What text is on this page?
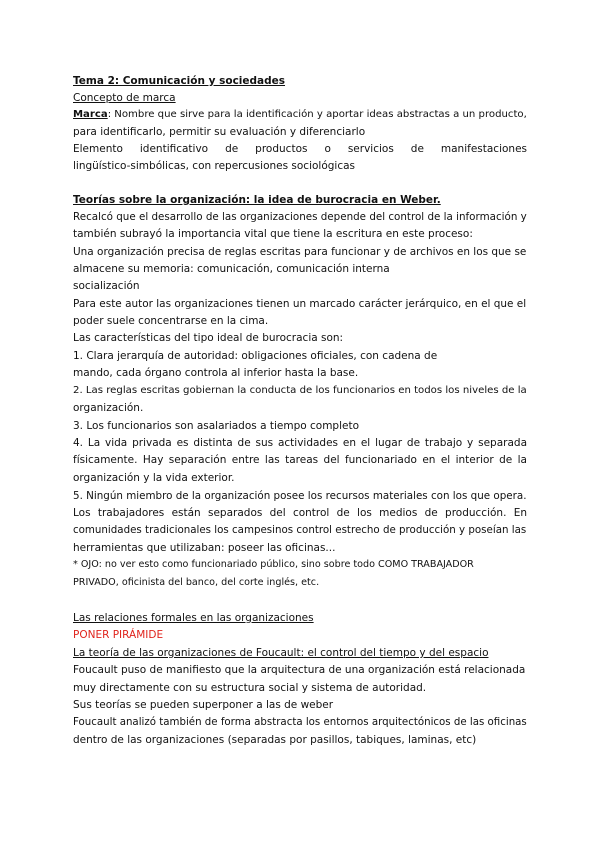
Tema 2: Comunicación y sociedades
Concepto de marca
Marca: Nombre que sirve para la identificación y aportar ideas abstractas a un producto,
para identificarlo, permitir su evaluación y diferenciarlo
Elemento identificativo de productos o servicios de manifestaciones
lingüístico-simbólicas, con repercusiones sociológicas
Teorías sobre la organización: la idea de burocracia en Weber.
Recalcó que el desarrollo de las organizaciones depende del control de la información y
también subrayó la importancia vital que tiene la escritura en este proceso:
Una organización precisa de reglas escritas para funcionar y de archivos en los que se
almacene su memoria: comunicación, comunicación interna
socialización
Para este autor las organizaciones tienen un marcado carácter jerárquico, en el que el
poder suele concentrarse en la cima.
Las características del tipo ideal de burocracia son:
1. Clara jerarquía de autoridad: obligaciones oficiales, con cadena de
mando, cada órgano controla al inferior hasta la base.
2. Las reglas escritas gobiernan la conducta de los funcionarios en todos los niveles de la
organización.
3. Los funcionarios son asalariados a tiempo completo
4. La vida privada es distinta de sus actividades en el lugar de trabajo y separada
físicamente. Hay separación entre las tareas del funcionariado en el interior de la
organización y la vida exterior.
5. Ningún miembro de la organización posee los recursos materiales con los que opera.
Los trabajadores están separados del control de los medios de producción. En
comunidades tradicionales los campesinos control estrecho de producción y poseían las
herramientas que utilizaban: poseer las oficinas...
* OJO: no ver esto como funcionariado público, sino sobre todo COMO TRABAJADOR
PRIVADO, oficinista del banco, del corte inglés, etc.
Las relaciones formales en las organizaciones
PONER PIRÁMIDE
La teoría de las organizaciones de Foucault: el control del tiempo y del espacio
Foucault puso de manifiesto que la arquitectura de una organización está relacionada
muy directamente con su estructura social y sistema de autoridad.
Sus teorías se pueden superponer a las de weber
Foucault analizó también de forma abstracta los entornos arquitectónicos de las oficinas
dentro de las organizaciones (separadas por pasillos, tabiques, laminas, etc)
